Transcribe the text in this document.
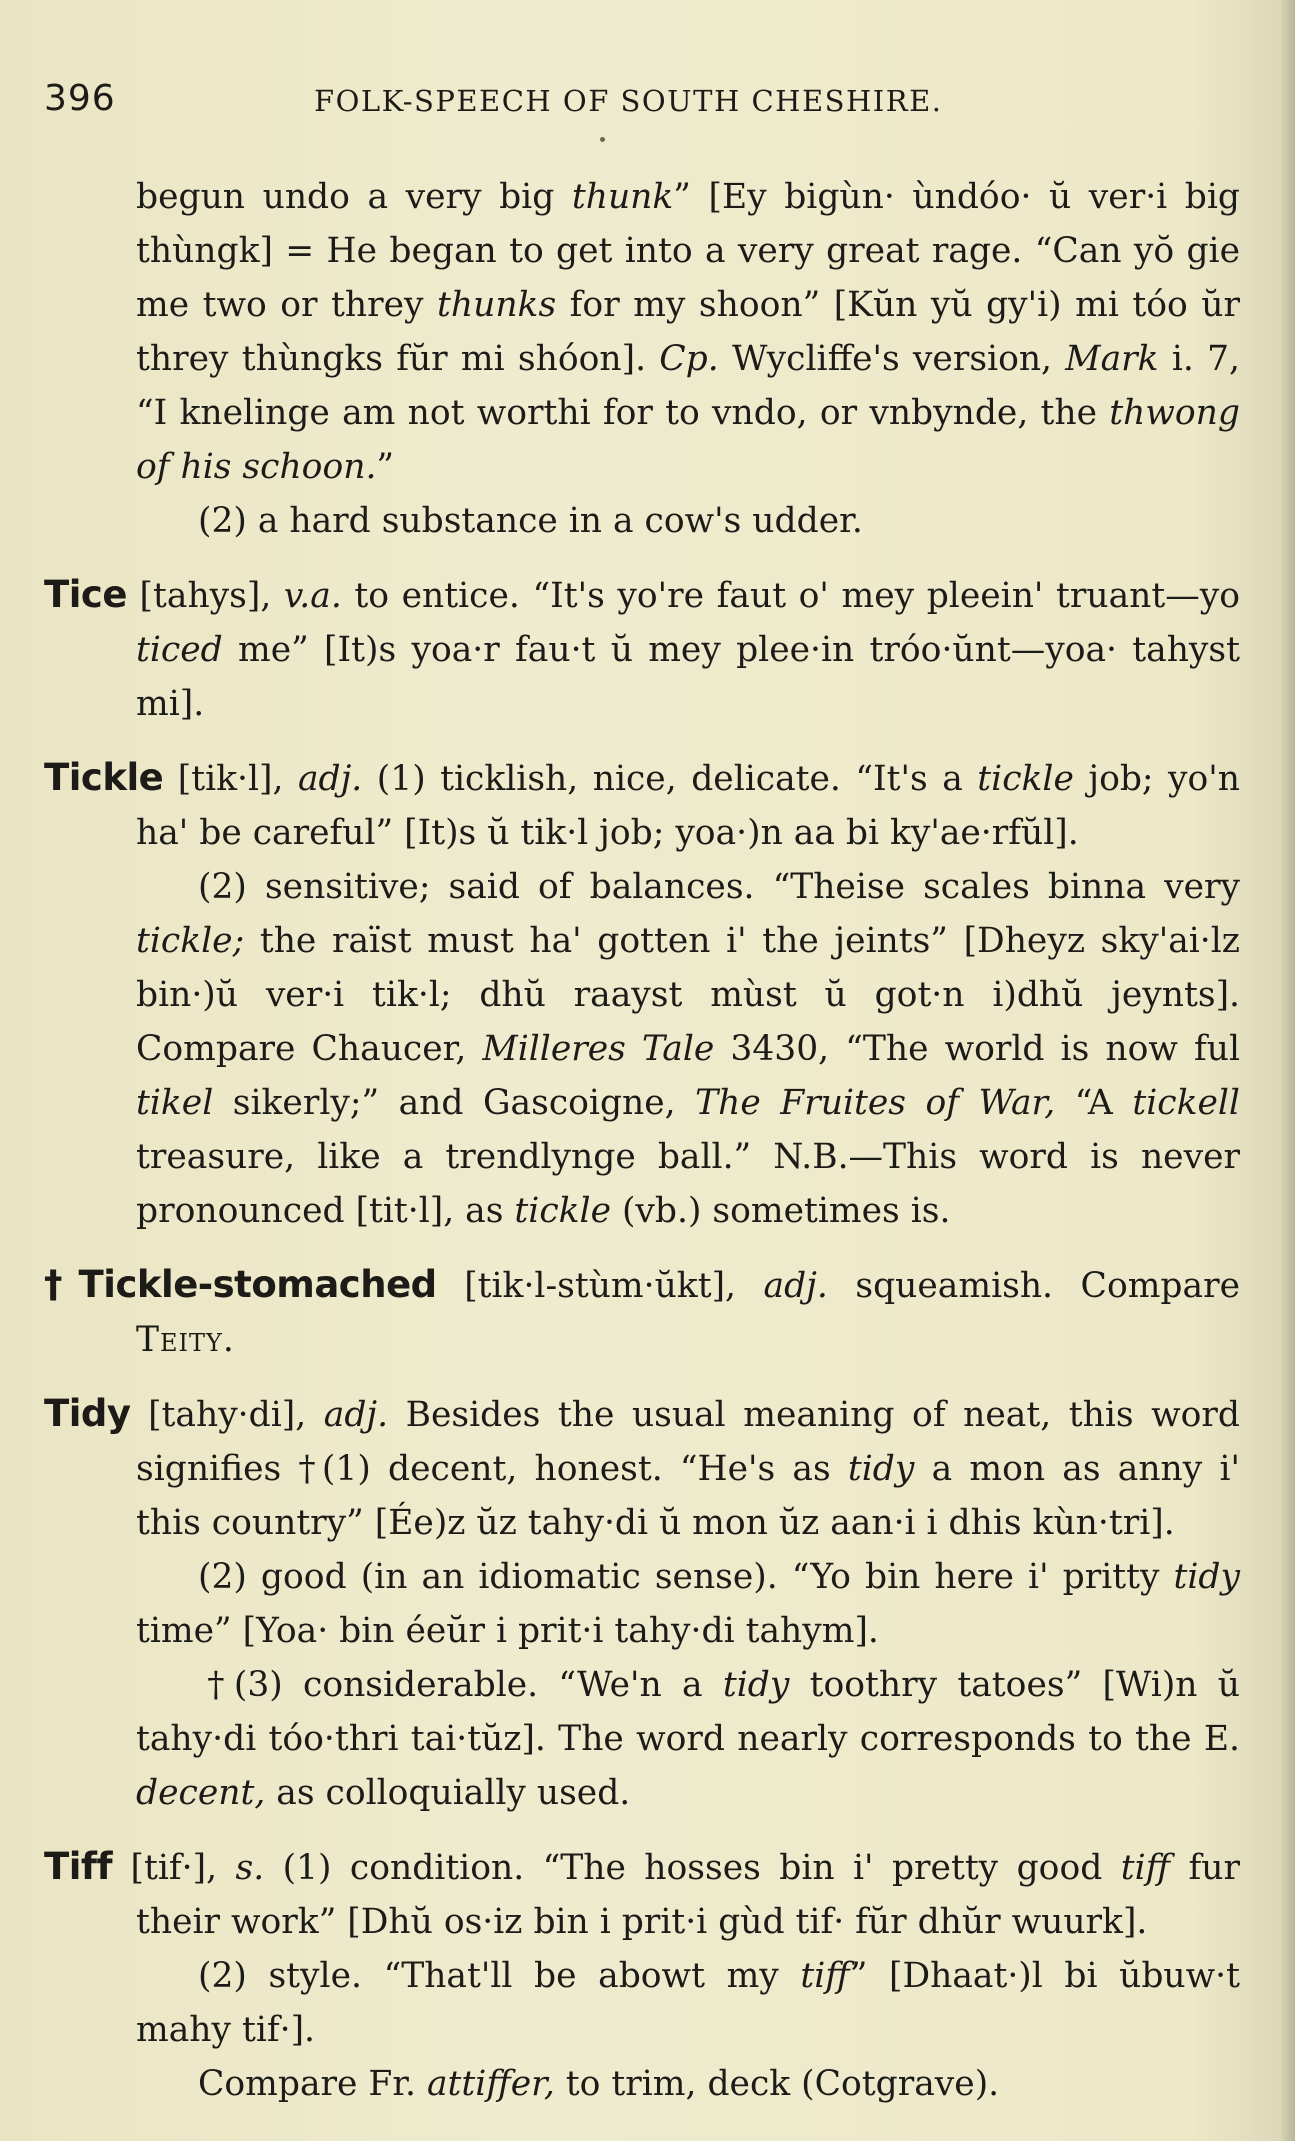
396	FOLK-SPEECH OF SOUTH CHESHIRE.

begun undo a very big thunk” [Ey bigùn· ùndóo· ŭ ver·i big thùngk] = He began to get into a very great rage. “Can yŏ gie me two or threy thunks for my shoon” [Kŭn yŭ gy'i) mi tóo ŭr threy thùngks fŭr mi shóon]. Cp. Wycliffe's version, Mark i. 7, “I knelinge am not worthi for to vndo, or vnbynde, the thwong of his schoon.”

(2) a hard substance in a cow's udder.

Tice [tahys], v.a. to entice. “It's yo're faut o' mey pleein' truant—yo ticed me” [It)s yoa·r fau·t ŭ mey plee·in tróo·ŭnt—yoa· tahyst mi].

Tickle [tik·l], adj. (1) ticklish, nice, delicate. “It's a tickle job; yo'n ha' be careful” [It)s ŭ tik·l job; yoa·)n aa bi ky'ae·rfŭl].

(2) sensitive; said of balances. “Theise scales binna very tickle; the raïst must ha' gotten i' the jeints” [Dheyz sky'ai·lz bin·)ŭ ver·i tik·l; dhŭ raayst mùst ŭ got·n i)dhŭ jeynts]. Compare Chaucer, Milleres Tale 3430, “The world is now ful tikel sikerly;” and Gascoigne, The Fruites of War, “A tickell treasure, like a trendlynge ball.” N.B.—This word is never pronounced [tit·l], as tickle (vb.) sometimes is.

†Tickle-stomached [tik·l-stùm·ŭkt], adj. squeamish. Compare Teity.

Tidy [tahy·di], adj. Besides the usual meaning of neat, this word signifies †(1) decent, honest. “He's as tidy a mon as anny i' this country” [Ée)z ŭz tahy·di ŭ mon ŭz aan·i i dhis kùn·tri].

(2) good (in an idiomatic sense). “Yo bin here i' pritty tidy time” [Yoa· bin éeŭr i prit·i tahy·di tahym].

†(3) considerable. “We'n a tidy toothry tatoes” [Wi)n ŭ tahy·di tóo·thri tai·tŭz]. The word nearly corresponds to the E. decent, as colloquially used.

Tiff [tif·], s. (1) condition. “The hosses bin i' pretty good tiff fur their work” [Dhŭ os·iz bin i prit·i gùd tif· fŭr dhŭr wuurk].

(2) style. “That'll be abowt my tiff” [Dhaat·)l bi ŭbuw·t mahy tif·].

Compare Fr. attiffer, to trim, deck (Cotgrave).
